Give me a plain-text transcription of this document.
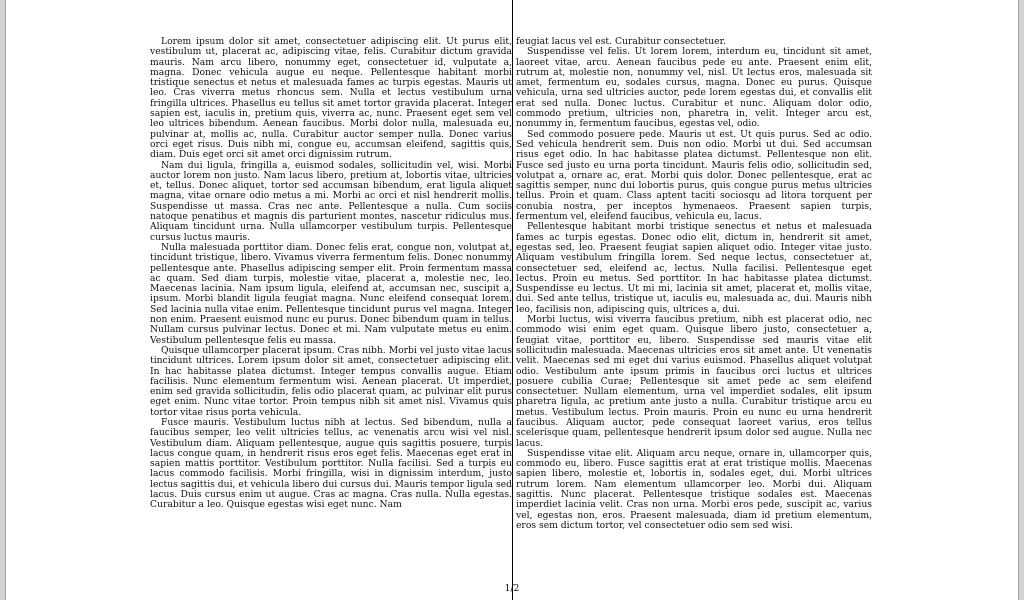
Lorem ipsum dolor sit amet, consectetuer adipiscing elit. Ut purus elit, vestibulum ut, placerat ac, adipiscing vitae, felis. Curabitur dictum gravida mauris. Nam arcu libero, nonummy eget, consectetuer id, vulputate a, magna. Donec vehicula augue eu neque. Pellentesque habitant morbi tristique senectus et netus et malesuada fames ac turpis egestas. Mauris ut leo. Cras viverra metus rhoncus sem. Nulla et lectus vestibulum urna fringilla ultrices. Phasellus eu tellus sit amet tortor gravida placerat. Integer sapien est, iaculis in, pretium quis, viverra ac, nunc. Praesent eget sem vel leo ultrices bibendum. Aenean faucibus. Morbi dolor nulla, malesuada eu, pulvinar at, mollis ac, nulla. Curabitur auctor semper nulla. Donec varius orci eget risus. Duis nibh mi, congue eu, accumsan eleifend, sagittis quis, diam. Duis eget orci sit amet orci dignissim rutrum.

Nam dui ligula, fringilla a, euismod sodales, sollicitudin vel, wisi. Morbi auctor lorem non justo. Nam lacus libero, pretium at, lobortis vitae, ultricies et, tellus. Donec aliquet, tortor sed accumsan bibendum, erat ligula aliquet magna, vitae ornare odio metus a mi. Morbi ac orci et nisl hendrerit mollis. Suspendisse ut massa. Cras nec ante. Pellentesque a nulla. Cum sociis natoque penatibus et magnis dis parturient montes, nascetur ridiculus mus. Aliquam tincidunt urna. Nulla ullamcorper vestibulum turpis. Pellentesque cursus luctus mauris.

Nulla malesuada porttitor diam. Donec felis erat, congue non, volutpat at, tincidunt tristique, libero. Vivamus viverra fermentum felis. Donec nonummy pellentesque ante. Phasellus adipiscing semper elit. Proin fermentum massa ac quam. Sed diam turpis, molestie vitae, placerat a, molestie nec, leo. Maecenas lacinia. Nam ipsum ligula, eleifend at, accumsan nec, suscipit a, ipsum. Morbi blandit ligula feugiat magna. Nunc eleifend consequat lorem. Sed lacinia nulla vitae enim. Pellentesque tincidunt purus vel magna. Integer non enim. Praesent euismod nunc eu purus. Donec bibendum quam in tellus. Nullam cursus pulvinar lectus. Donec et mi. Nam vulputate metus eu enim. Vestibulum pellentesque felis eu massa.

Quisque ullamcorper placerat ipsum. Cras nibh. Morbi vel justo vitae lacus tincidunt ultrices. Lorem ipsum dolor sit amet, consectetuer adipiscing elit. In hac habitasse platea dictumst. Integer tempus convallis augue. Etiam facilisis. Nunc elementum fermentum wisi. Aenean placerat. Ut imperdiet, enim sed gravida sollicitudin, felis odio placerat quam, ac pulvinar elit purus eget enim. Nunc vitae tortor. Proin tempus nibh sit amet nisl. Vivamus quis tortor vitae risus porta vehicula.

Fusce mauris. Vestibulum luctus nibh at lectus. Sed bibendum, nulla a faucibus semper, leo velit ultricies tellus, ac venenatis arcu wisi vel nisl. Vestibulum diam. Aliquam pellentesque, augue quis sagittis posuere, turpis lacus congue quam, in hendrerit risus eros eget felis. Maecenas eget erat in sapien mattis porttitor. Vestibulum porttitor. Nulla facilisi. Sed a turpis eu lacus commodo facilisis. Morbi fringilla, wisi in dignissim interdum, justo lectus sagittis dui, et vehicula libero dui cursus dui. Mauris tempor ligula sed lacus. Duis cursus enim ut augue. Cras ac magna. Cras nulla. Nulla egestas. Curabitur a leo. Quisque egestas wisi eget nunc. Nam

feugiat lacus vel est. Curabitur consectetuer.

Suspendisse vel felis. Ut lorem lorem, interdum eu, tincidunt sit amet, laoreet vitae, arcu. Aenean faucibus pede eu ante. Praesent enim elit, rutrum at, molestie non, nonummy vel, nisl. Ut lectus eros, malesuada sit amet, fermentum eu, sodales cursus, magna. Donec eu purus. Quisque vehicula, urna sed ultricies auctor, pede lorem egestas dui, et convallis elit erat sed nulla. Donec luctus. Curabitur et nunc. Aliquam dolor odio, commodo pretium, ultricies non, pharetra in, velit. Integer arcu est, nonummy in, fermentum faucibus, egestas vel, odio.

Sed commodo posuere pede. Mauris ut est. Ut quis purus. Sed ac odio. Sed vehicula hendrerit sem. Duis non odio. Morbi ut dui. Sed accumsan risus eget odio. In hac habitasse platea dictumst. Pellentesque non elit. Fusce sed justo eu urna porta tincidunt. Mauris felis odio, sollicitudin sed, volutpat a, ornare ac, erat. Morbi quis dolor. Donec pellentesque, erat ac sagittis semper, nunc dui lobortis purus, quis congue purus metus ultricies tellus. Proin et quam. Class aptent taciti sociosqu ad litora torquent per conubia nostra, per inceptos hymenaeos. Praesent sapien turpis, fermentum vel, eleifend faucibus, vehicula eu, lacus.

Pellentesque habitant morbi tristique senectus et netus et malesuada fames ac turpis egestas. Donec odio elit, dictum in, hendrerit sit amet, egestas sed, leo. Praesent feugiat sapien aliquet odio. Integer vitae justo. Aliquam vestibulum fringilla lorem. Sed neque lectus, consectetuer at, consectetuer sed, eleifend ac, lectus. Nulla facilisi. Pellentesque eget lectus. Proin eu metus. Sed porttitor. In hac habitasse platea dictumst. Suspendisse eu lectus. Ut mi mi, lacinia sit amet, placerat et, mollis vitae, dui. Sed ante tellus, tristique ut, iaculis eu, malesuada ac, dui. Mauris nibh leo, facilisis non, adipiscing quis, ultrices a, dui.

Morbi luctus, wisi viverra faucibus pretium, nibh est placerat odio, nec commodo wisi enim eget quam. Quisque libero justo, consectetuer a, feugiat vitae, porttitor eu, libero. Suspendisse sed mauris vitae elit sollicitudin malesuada. Maecenas ultricies eros sit amet ante. Ut venenatis velit. Maecenas sed mi eget dui varius euismod. Phasellus aliquet volutpat odio. Vestibulum ante ipsum primis in faucibus orci luctus et ultrices posuere cubilia Curae; Pellentesque sit amet pede ac sem eleifend consectetuer. Nullam elementum, urna vel imperdiet sodales, elit ipsum pharetra ligula, ac pretium ante justo a nulla. Curabitur tristique arcu eu metus. Vestibulum lectus. Proin mauris. Proin eu nunc eu urna hendrerit faucibus. Aliquam auctor, pede consequat laoreet varius, eros tellus scelerisque quam, pellentesque hendrerit ipsum dolor sed augue. Nulla nec lacus.

Suspendisse vitae elit. Aliquam arcu neque, ornare in, ullamcorper quis, commodo eu, libero. Fusce sagittis erat at erat tristique mollis. Maecenas sapien libero, molestie et, lobortis in, sodales eget, dui. Morbi ultrices rutrum lorem. Nam elementum ullamcorper leo. Morbi dui. Aliquam sagittis. Nunc placerat. Pellentesque tristique sodales est. Maecenas imperdiet lacinia velit. Cras non urna. Morbi eros pede, suscipit ac, varius vel, egestas non, eros. Praesent malesuada, diam id pretium elementum, eros sem dictum tortor, vel consectetuer odio sem sed wisi.

1/2
